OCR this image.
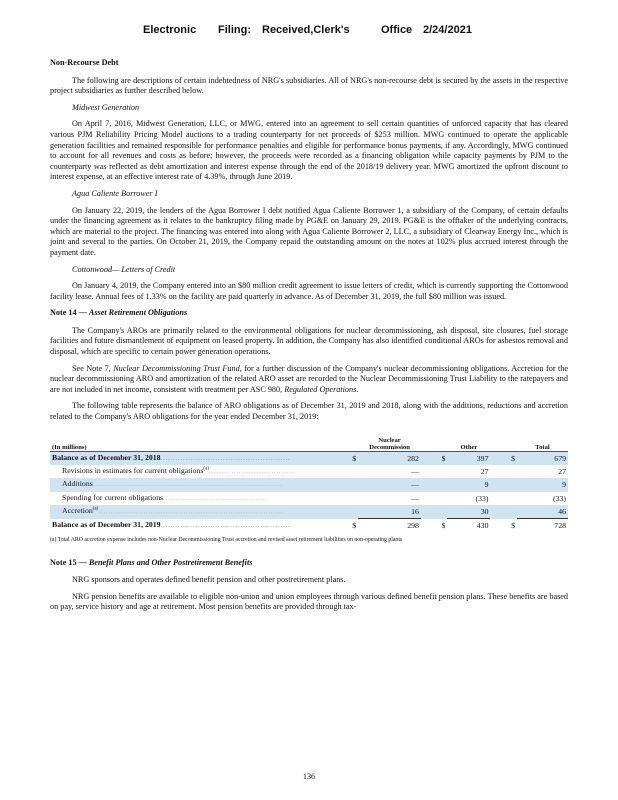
Electronic Filing: Received,Clerk's	Office 2/24/2021
Non-Recourse Debt
The following are descriptions of certain indebtedness of NRG's subsidiaries. All of NRG's non-recourse debt is secured by the assets in the respective project subsidiaries as further described below.
Midwest Generation
On April 7, 2016, Midwest Generation, LLC, or MWG, entered into an agreement to sell certain quantities of unforced capacity that has cleared various PJM Reliability Pricing Model auctions to a trading counterparty for net proceeds of $253 million. MWG continued to operate the applicable generation facilities and remained responsible for performance penalties and eligible for performance bonus payments, if any. Accordingly, MWG continued to account for all revenues and costs as before; however, the proceeds were recorded as a financing obligation while capacity payments by PJM to the counterparty was reflected as debt amortization and interest expense through the end of the 2018/19 delivery year. MWG amortized the upfront discount to interest expense, at an effective interest rate of 4.39%, through June 2019.
Agua Caliente Borrower I
On January 22, 2019, the lenders of the Agua Borrower I debt notified Agua Caliente Borrower 1, a subsidiary of the Company, of certain defaults under the financing agreement as it relates to the bankruptcy filing made by PG&E on January 29, 2019. PG&E is the offtaker of the underlying contracts, which are material to the project. The financing was entered into along with Agua Caliente Borrower 2, LLC, a subsidiary of Clearway Energy Inc., which is joint and several to the parties. On October 21, 2019, the Company repaid the outstanding amount on the notes at 102% plus accrued interest through the payment date.
Cottonwood— Letters of Credit
On January 4, 2019, the Company entered into an $80 million credit agreement to issue letters of credit, which is currently supporting the Cottonwood facility lease. Annual fees of 1.33% on the facility are paid quarterly in advance. As of December 31, 2019, the full $80 million was issued.
Note 14 — Asset Retirement Obligations
The Company's AROs are primarily related to the environmental obligations for nuclear decommissioning, ash disposal, site closures, fuel storage facilities and future dismantlement of equipment on leased property. In addition, the Company has also identified conditional AROs for asbestos removal and disposal, which are specific to certain power generation operations.
See Note 7, Nuclear Decommissioning Trust Fund, for a further discussion of the Company's nuclear decommissioning obligations. Accretion for the nuclear decommissioning ARO and amortization of the related ARO asset are recorded to the Nuclear Decommissioning Trust Liability to the ratepayers and are not included in net income, consistent with treatment per ASC 980, Regulated Operations.
The following table represents the balance of ARO obligations as of December 31, 2019 and 2018, along with the additions, reductions and accretion related to the Company's ARO obligations for the year ended December 31, 2019:
(In millions)		Nuclear
Decommission		Other		Total
Balance as of December 31, 2018....................................................	$	282	$	397	$	679
Revisions in estimates for current obligations$^{(a)}$..................................		—		27		27
Additions............................................................................		—		9		9
Spending for current obligations..........................................		—		(33)		(33)
Accretion$^{(a)}$..........................................................................		16		30		46
Balance as of December 31, 2019....................................................	$	298	$	430	$	728
(a) Total ARO accretion expense includes non-Nuclear Decommissioning Trust accretion and revised asset retirement liabilities on non-operating plants
Note 15 — Benefit Plans and Other Postretirement Benefits
NRG sponsors and operates defined benefit pension and other postretirement plans.
NRG pension benefits are available to eligible non-union and union employees through various defined benefit pension plans. These benefits are based on pay, service history and age at retirement. Most pension benefits are provided through tax-
136
